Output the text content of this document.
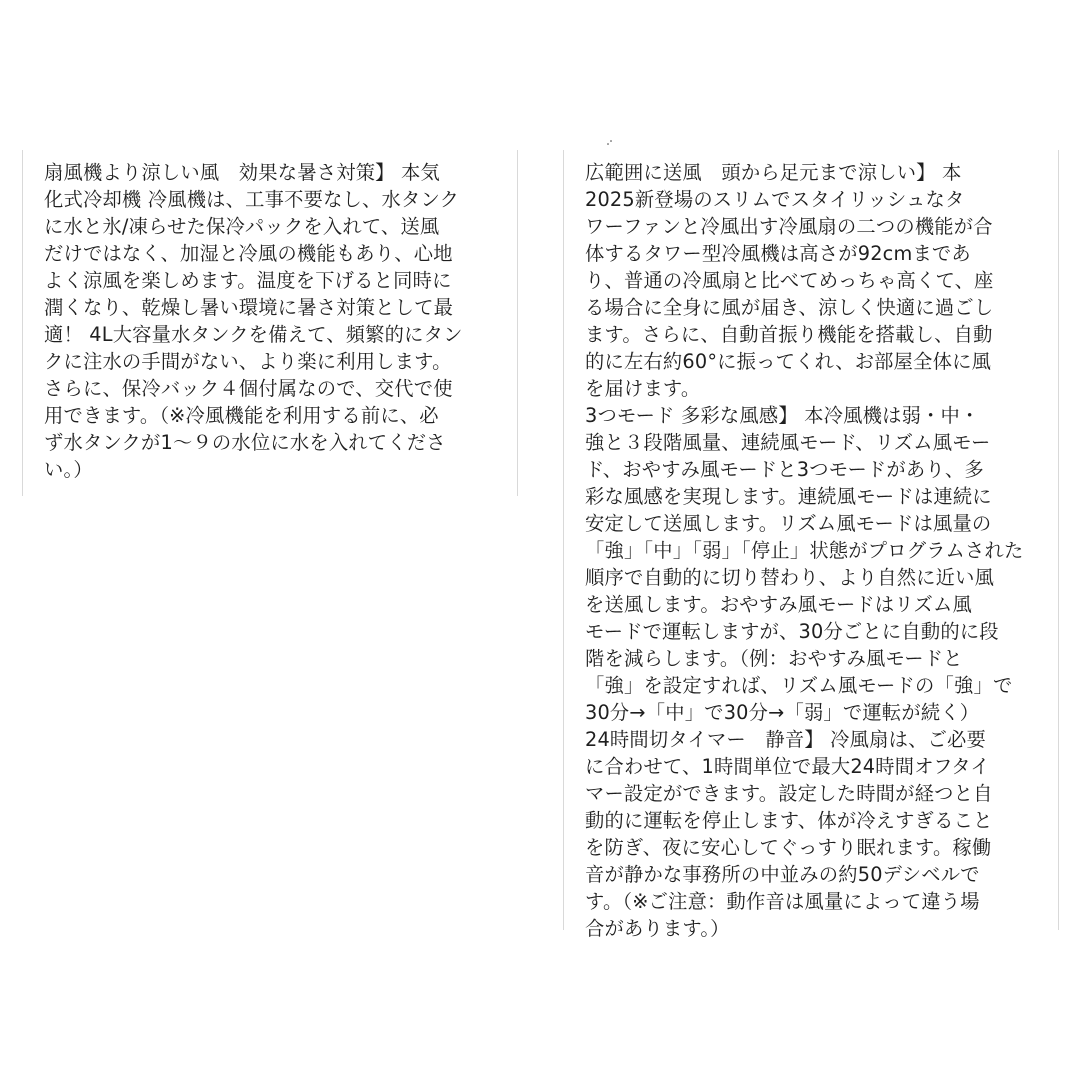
扇風機より涼しい風　効果な暑さ対策】 本気
化式冷却機 冷風機は、工事不要なし、水タンク
に水と氷/凍らせた保冷パックを入れて、送風
だけではなく、加湿と冷風の機能もあり、心地
よく涼風を楽しめます。温度を下げると同時に
潤くなり、乾燥し暑い環境に暑さ対策として最
適！ 4L大容量水タンクを備えて、頻繁的にタン
クに注水の手間がない、より楽に利用します。
さらに、保冷バック４個付属なので、交代で使
用できます。（※冷風機能を利用する前に、必
ず水タンクが1～９の水位に水を入れてくださ
い。）
広範囲に送風　頭から足元まで涼しい】 本
2025新登場のスリムでスタイリッシュなタ
ワーファンと冷風出す冷風扇の二つの機能が合
体するタワー型冷風機は高さが92cmまであ
り、普通の冷風扇と比べてめっちゃ高くて、座
る場合に全身に風が届き、涼しく快適に過ごし
ます。さらに、自動首振り機能を搭載し、自動
的に左右約60°に振ってくれ、お部屋全体に風
を届けます。
3つモード 多彩な風感】 本冷風機は弱・中・
強と３段階風量、連続風モード、リズム風モー
ド、おやすみ風モードと3つモードがあり、多
彩な風感を実現します。連続風モードは連続に
安定して送風します。リズム風モードは風量の
「強」「中」「弱」「停止」状態がプログラムされた
順序で自動的に切り替わり、より自然に近い風
を送風します。おやすみ風モードはリズム風
モードで運転しますが、30分ごとに自動的に段
階を減らします。（例：おやすみ風モードと
「強」を設定すれば、リズム風モードの「強」で
30分→「中」で30分→「弱」で運転が続く）
24時間切タイマー　静音】 冷風扇は、ご必要
に合わせて、1時間単位で最大24時間オフタイ
マー設定ができます。設定した時間が経つと自
動的に運転を停止します、体が冷えすぎること
を防ぎ、夜に安心してぐっすり眠れます。稼働
音が静かな事務所の中並みの約50デシベルで
す。（※ご注意：動作音は風量によって違う場
合があります。）
